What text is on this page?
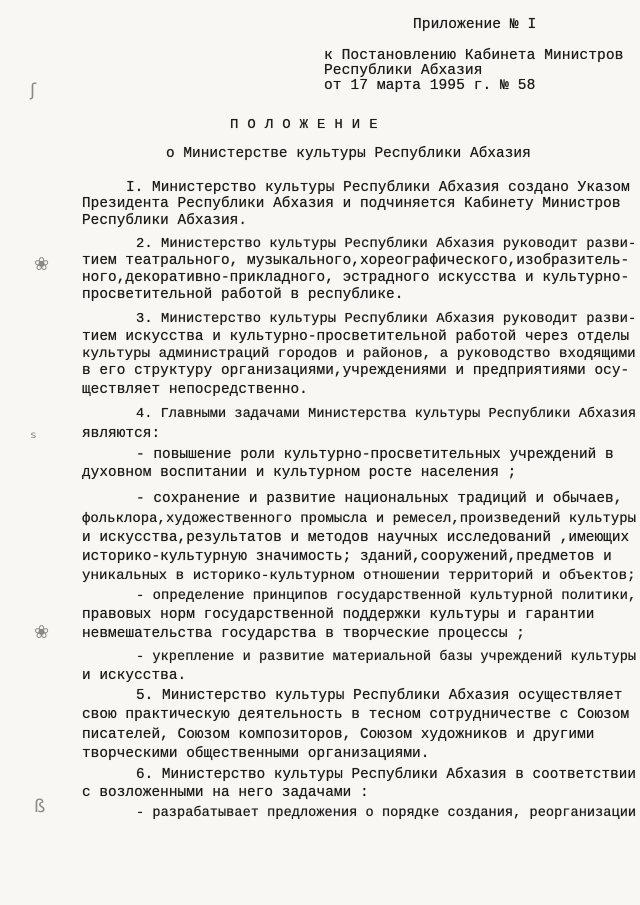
ʃ
❀
ˢ
❀
ß
Приложение № I
к Постановлению Кабинета Министров
Республики Абхазия
от 17 марта 1995 г. № 58
ПОЛОЖЕНИЕ
о Министерстве культуры Республики Абхазия
I. Министерство культуры Республики Абхазия создано Указом
Президента Республики Абхазия и подчиняется Кабинету Министров
Республики Абхазия.
2. Министерство культуры Республики Абхазия руководит разви-
тием театрального, музыкального,хореографического,изобразитель-
ного,декоративно-прикладного, эстрадного искусства и культурно-
просветительной работой в республике.
3. Министерство культуры Республики Абхазия руководит разви-
тием искусства и культурно-просветительной работой через отделы
культуры администраций городов и районов, а руководство входящими
в его структуру организациями,учреждениями и предприятиями осу-
ществляет непосредственно.
4. Главными задачами Министерства культуры Республики Абхазия
являются:
- повышение роли культурно-просветительных учреждений в
духовном воспитании и культурном росте населения ;
- сохранение и развитие национальных традиций и обычаев,
фольклора,художественного промысла и ремесел,произведений культуры
и искусства,результатов и методов научных исследований ,имеющих
историко-культурную значимость; зданий,сооружений,предметов и
уникальных в историко-культурном отношении территорий и объектов;
- определение принципов государственной культурной политики,
правовых норм государственной поддержки культуры и гарантии
невмешательства государства в творческие процессы ;
- укрепление и развитие материальной базы учреждений культуры
и искусства.
5. Министерство культуры Республики Абхазия осуществляет
свою практическую деятельность в тесном сотрудничестве с Союзом
писателей, Союзом композиторов, Союзом художников и другими
творческими общественными организациями.
6. Министерство культуры Республики Абхазия в соответствии
с возложенными на него задачами :
- разрабатывает предложения о порядке создания, реорганизации
